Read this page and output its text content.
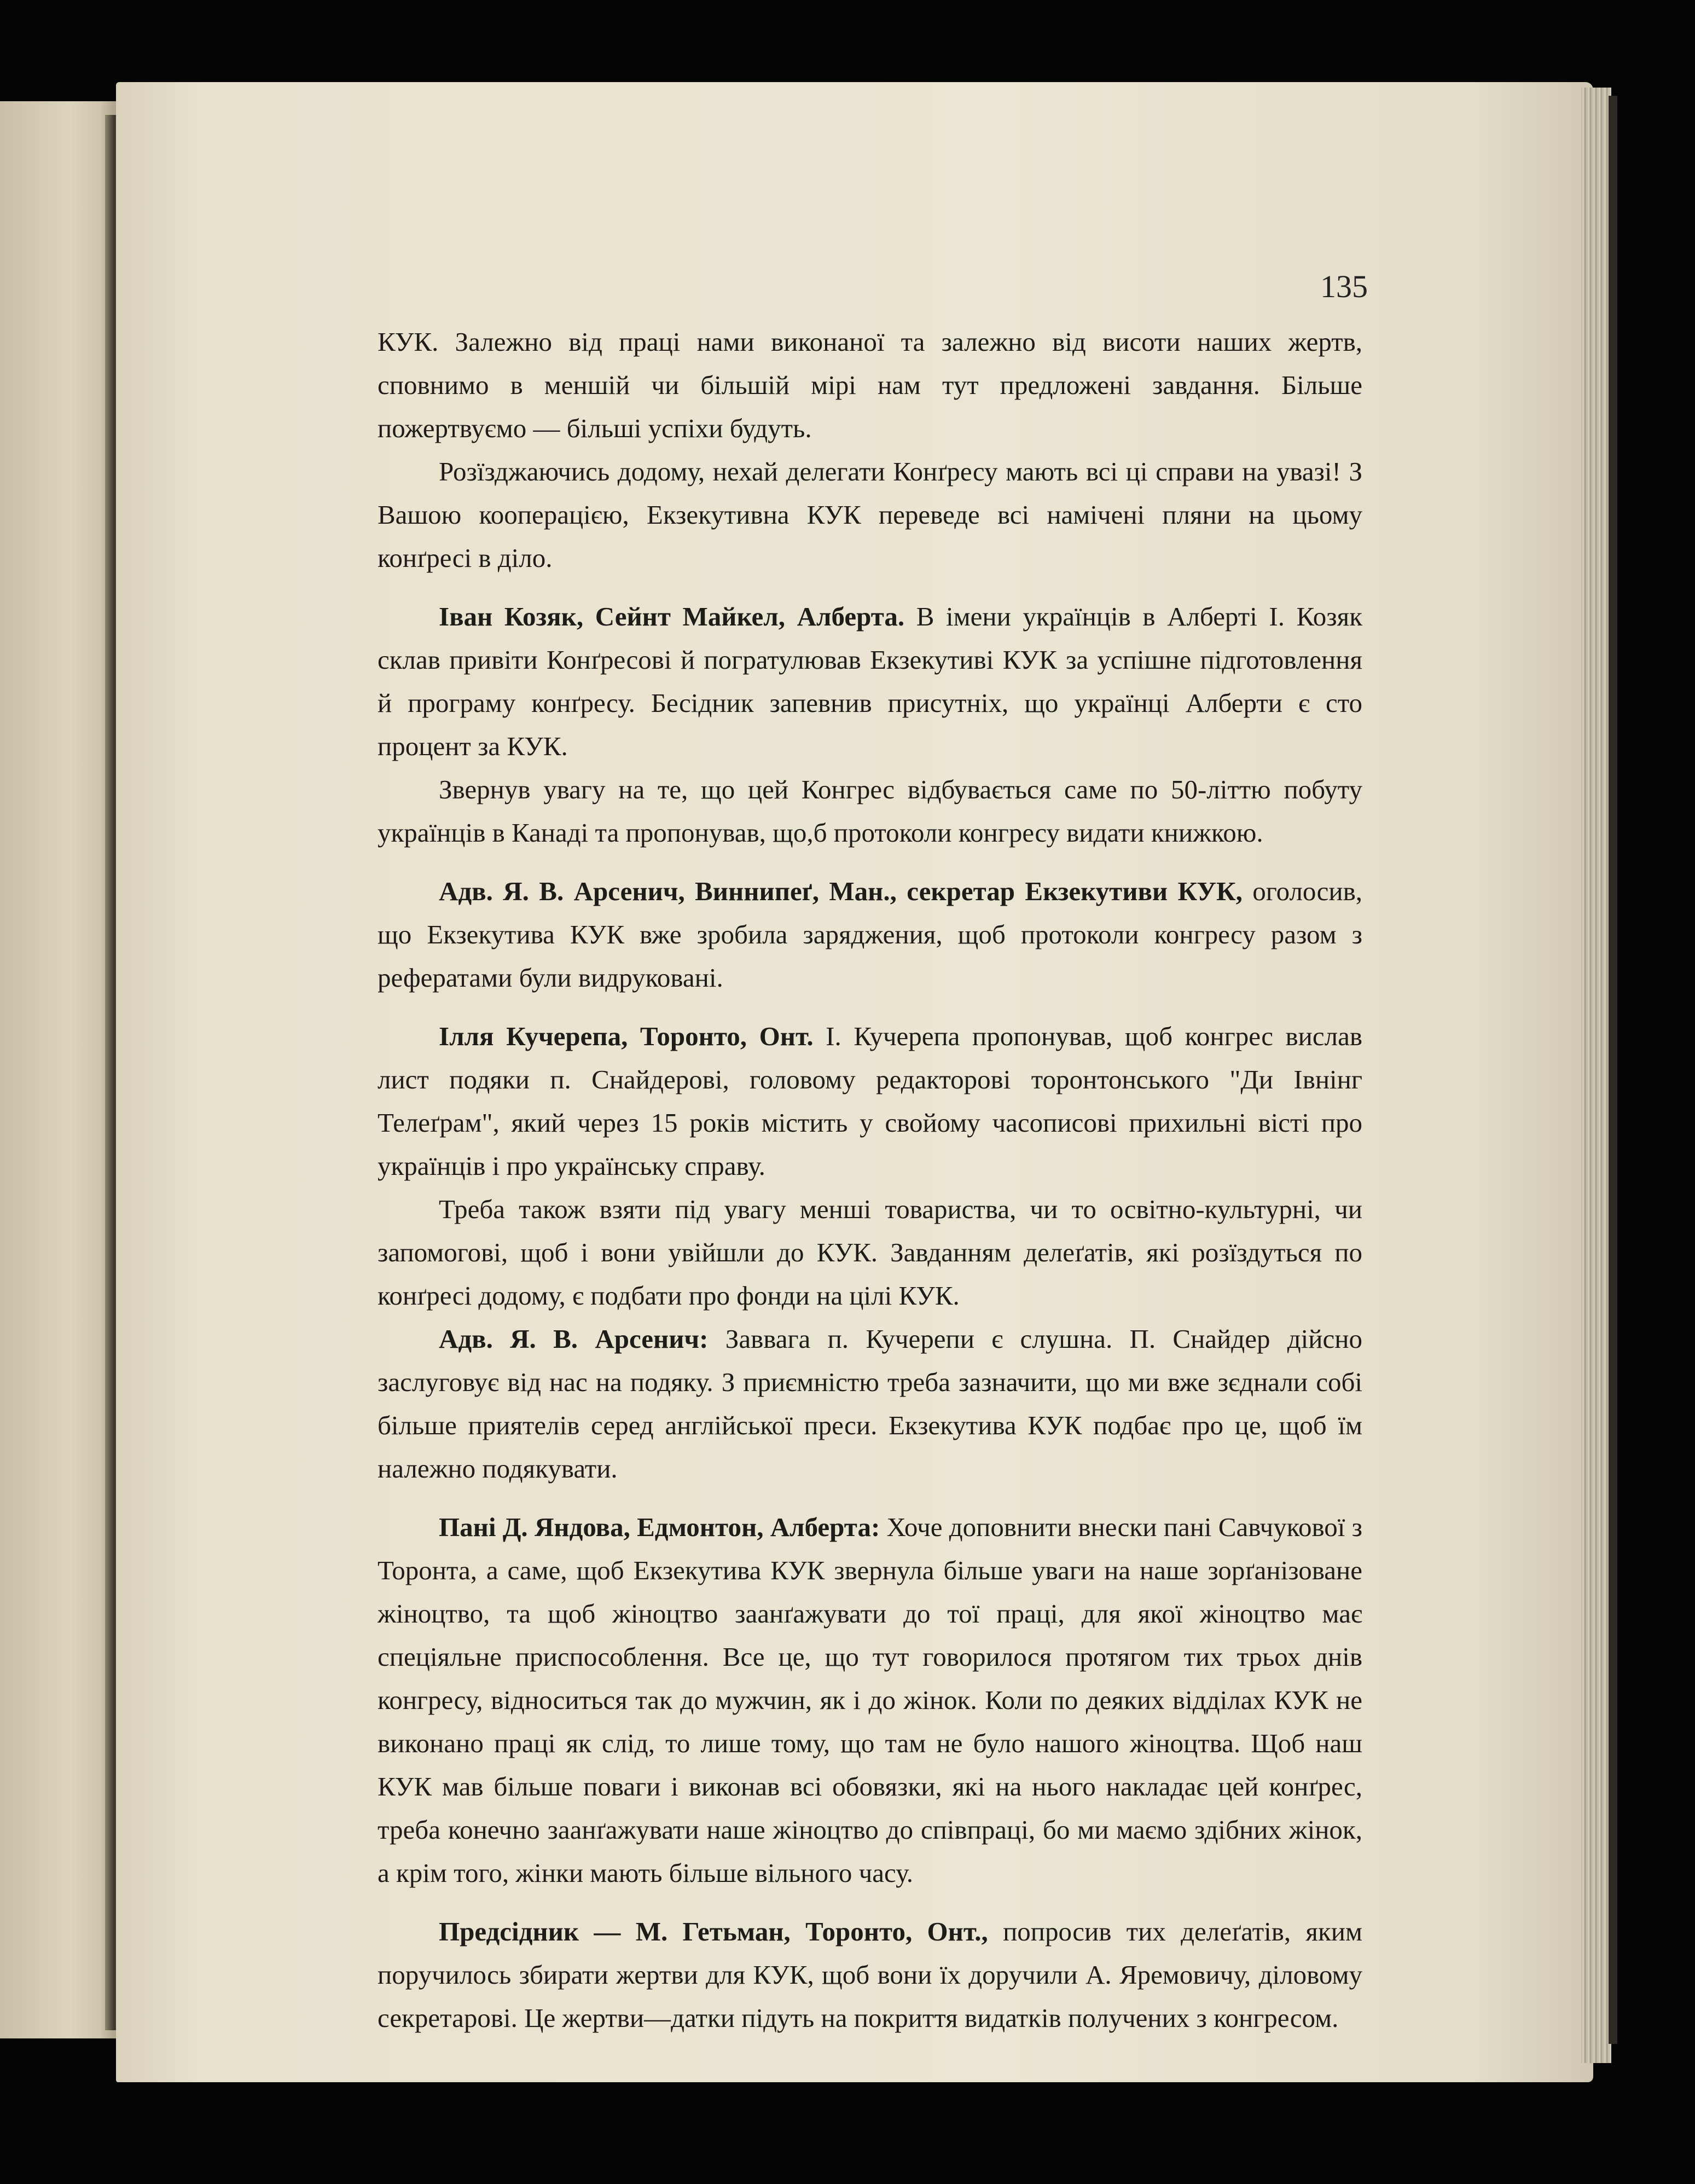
135

КУК. Залежно від праці нами виконаної та залежно від висоти наших жертв, сповнимо в меншій чи більшій мірі нам тут предложені завдання. Більше пожертвуємо — більші успіхи будуть.

Розїзджаючись додому, нехай делегати Конґресу мають всі ці справи на увазі! З Вашою кооперацією, Екзекутивна КУК переведе всі намічені пляни на цьому конґресі в діло.

Іван Козяк, Сейнт Майкел, Алберта. В імени українців в Алберті І. Козяк склав привіти Конґресові й погратулював Екзекутиві КУК за успішне підготовлення й програму конґресу. Бесідник запевнив присутніх, що українці Алберти є сто процент за КУК.

Звернув увагу на те, що цей Конгрес відбувається саме по 50-літтю побуту українців в Канаді та пропонував, що,б протоколи конгресу видати книжкою.

Адв. Я. В. Арсенич, Виннипеґ, Ман., секретар Екзекутиви КУК, оголосив, що Екзекутива КУК вже зробила заряджения, щоб протоколи конгресу разом з рефератами були видруковані.

Ілля Кучерепа, Торонто, Онт. І. Кучерепа пропонував, щоб конгрес вислав лист подяки п. Снайдерові, головому редакторові торонтонського "Ди Івнінг Телеґрам", який через 15 років містить у свойому часописові прихильні вісті про українців і про українську справу.

Треба також взяти під увагу менші товариства, чи то освітно-культурні, чи запомогові, щоб і вони увійшли до КУК. Завданням делеґатів, які розїздуться по конґресі додому, є подбати про фонди на цілі КУК.

Адв. Я. В. Арсенич: Заввага п. Кучерепи є слушна. П. Снайдер дійсно заслуговує від нас на подяку. З приємністю треба зазначити, що ми вже зєднали собі більше приятелів серед англійської преси. Екзекутива КУК подбає про це, щоб їм належно подякувати.

Пані Д. Яндова, Едмонтон, Алберта: Хоче доповнити внески пані Савчукової з Торонта, а саме, щоб Екзекутива КУК звернула більше уваги на наше зорґанізоване жіноцтво, та щоб жіноцтво заанґажувати до тої праці, для якої жіноцтво має спеціяльне приспособлення. Все це, що тут говорилося протягом тих трьох днів конгресу, відноситься так до мужчин, як і до жінок. Коли по деяких відділах КУК не виконано праці як слід, то лише тому, що там не було нашого жіноцтва. Щоб наш КУК мав більше поваги і виконав всі обовязки, які на нього накладає цей конґрес, треба конечно заанґажувати наше жіноцтво до співпраці, бо ми маємо здібних жінок, а крім того, жінки мають більше вільного часу.

Предсідник — М. Гетьман, Торонто, Онт., попросив тих делеґатів, яким поручилось збирати жертви для КУК, щоб вони їх доручили А. Яремовичу, діловому секретарові. Це жертви—датки підуть на покриття видатків получених з конгресом.
